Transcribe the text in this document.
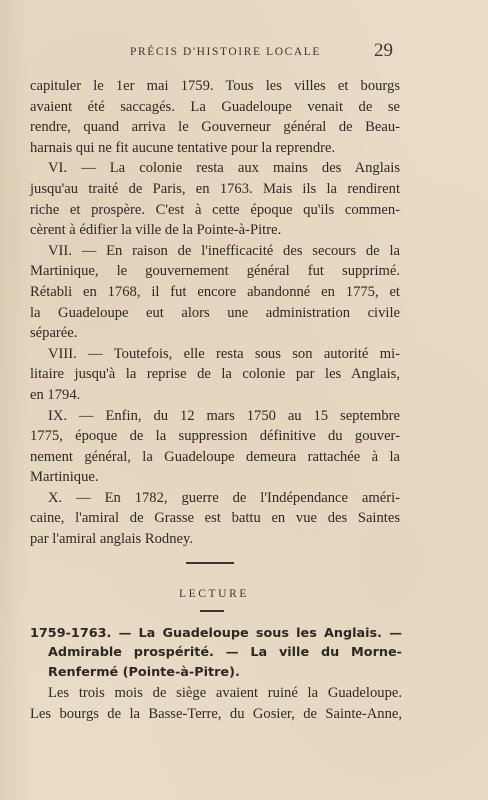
PRÉCIS D'HISTOIRE LOCALE	29
capituler le 1er mai 1759. Tous les villes et bourgs
avaient été saccagés. La Guadeloupe venait de se
rendre, quand arriva le Gouverneur général de Beau-
harnais qui ne fit aucune tentative pour la reprendre.
VI. — La colonie resta aux mains des Anglais
jusqu'au traité de Paris, en 1763. Mais ils la rendirent
riche et prospère. C'est à cette époque qu'ils commen-
cèrent à édifier la ville de la Pointe-à-Pitre.
VII. — En raison de l'inefficacité des secours de la
Martinique, le gouvernement général fut supprimé.
Rétabli en 1768, il fut encore abandonné en 1775, et
la Guadeloupe eut alors une administration civile
séparée.
VIII. — Toutefois, elle resta sous son autorité mi-
litaire jusqu'à la reprise de la colonie par les Anglais,
en 1794.
IX. — Enfin, du 12 mars 1750 au 15 septembre
1775, époque de la suppression définitive du gouver-
nement général, la Guadeloupe demeura rattachée à la
Martinique.
X. — En 1782, guerre de l'Indépendance améri-
caine, l'amiral de Grasse est battu en vue des Saintes
par l'amiral anglais Rodney.
LECTURE
1759-1763. — La Guadeloupe sous les Anglais. —
Admirable prospérité. — La ville du Morne-
Renfermé (Pointe-à-Pitre).
Les trois mois de siège avaient ruiné la Guadeloupe.
Les bourgs de la Basse-Terre, du Gosier, de Sainte-Anne,
